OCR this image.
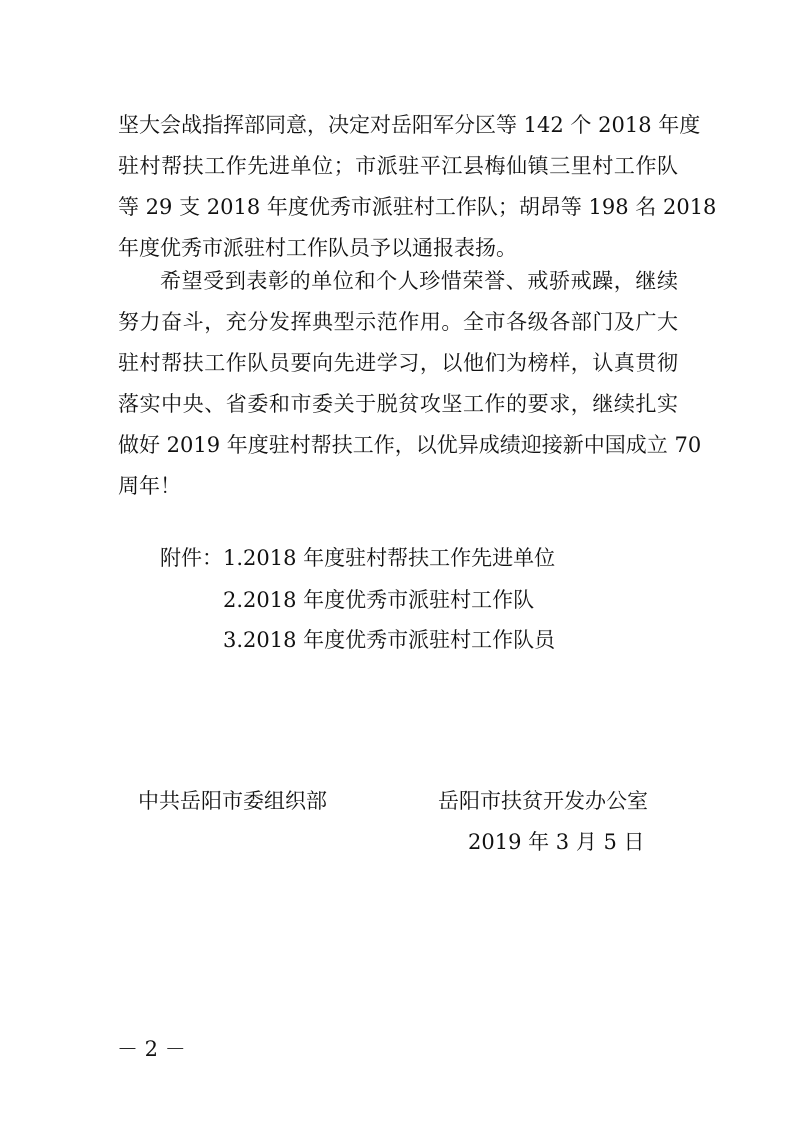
坚大会战指挥部同意，决定对岳阳军分区等 142 个 2018 年度
驻村帮扶工作先进单位；市派驻平江县梅仙镇三里村工作队
等 29 支 2018 年度优秀市派驻村工作队；胡昂等 198 名 2018
年度优秀市派驻村工作队员予以通报表扬。
希望受到表彰的单位和个人珍惜荣誉、戒骄戒躁，继续
努力奋斗，充分发挥典型示范作用。全市各级各部门及广大
驻村帮扶工作队员要向先进学习，以他们为榜样，认真贯彻
落实中央、省委和市委关于脱贫攻坚工作的要求，继续扎实
做好 2019 年度驻村帮扶工作，以优异成绩迎接新中国成立 70
周年！
附件： 1.2018 年度驻村帮扶工作先进单位
2.2018 年度优秀市派驻村工作队
3.2018 年度优秀市派驻村工作队员
中共岳阳市委组织部	岳阳市扶贫开发办公室
2019 年 3 月 5 日
－ 2 －
